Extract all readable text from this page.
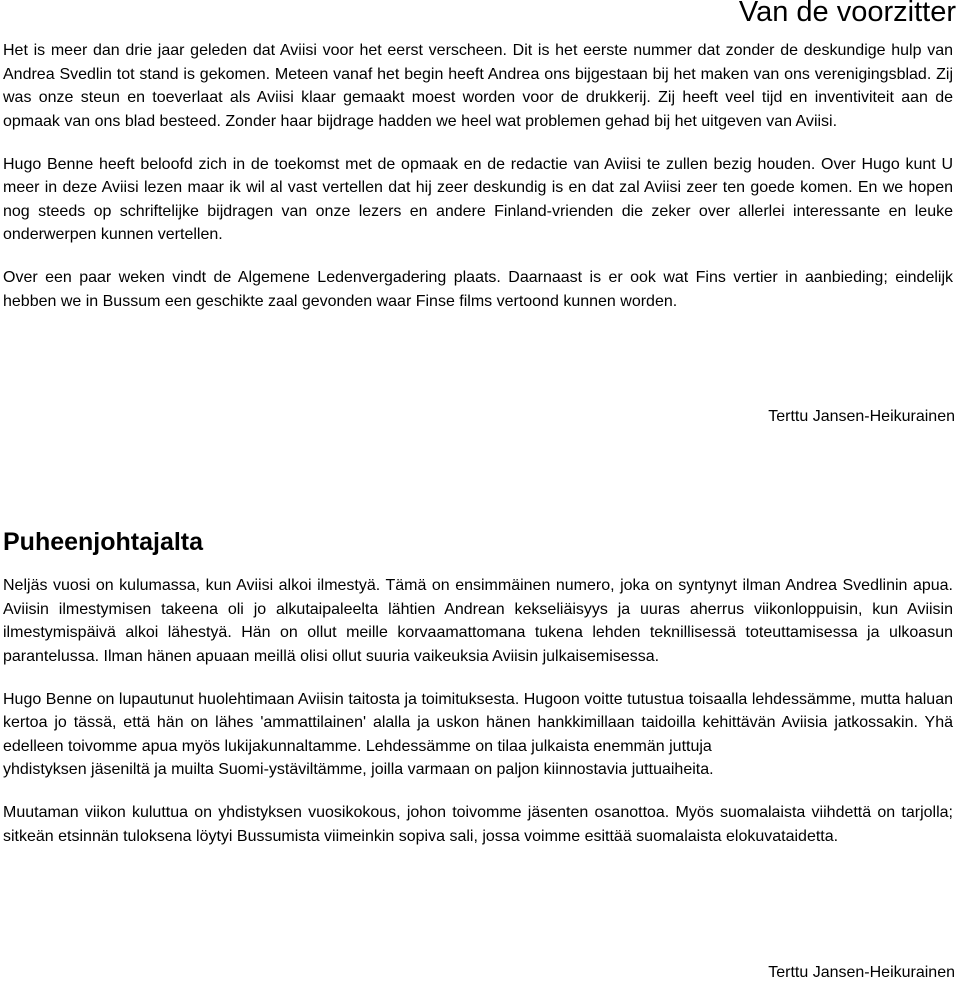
Van de voorzitter

Het is meer dan drie jaar geleden dat Aviisi voor het eerst verscheen. Dit is het eerste nummer dat zonder de deskundige hulp van Andrea Svedlin tot stand is gekomen. Meteen vanaf het begin heeft Andrea ons bijgestaan bij het maken van ons verenigingsblad. Zij was onze steun en toeverlaat als Aviisi klaar gemaakt moest worden voor de drukkerij. Zij heeft veel tijd en inventiviteit aan de opmaak van ons blad besteed. Zonder haar bijdrage hadden we heel wat problemen gehad bij het uitgeven van Aviisi.

Hugo Benne heeft beloofd zich in de toekomst met de opmaak en de redactie van Aviisi te zullen bezig houden. Over Hugo kunt U meer in deze Aviisi lezen maar ik wil al vast vertellen dat hij zeer deskundig is en dat zal Aviisi zeer ten goede komen. En we hopen nog steeds op schriftelijke bijdragen van onze lezers en andere Finland-vrienden die zeker over allerlei interessante en leuke onderwerpen kunnen vertellen.

Over een paar weken vindt de Algemene Ledenvergadering plaats. Daarnaast is er ook wat Fins vertier in aanbieding; eindelijk hebben we in Bussum een geschikte zaal gevonden waar Finse films vertoond kunnen worden.

Terttu Jansen-Heikurainen
Puheenjohtajalta

Neljäs vuosi on kulumassa, kun Aviisi alkoi ilmestyä. Tämä on ensimmäinen numero, joka on syntynyt ilman Andrea Svedlinin apua. Aviisin ilmestymisen takeena oli jo alkutaipaleelta lähtien Andrean kekseliäisyys ja uuras aherrus viikonloppuisin, kun Aviisin ilmestymispäivä alkoi lähestyä. Hän on ollut meille korvaamattomana tukena lehden teknillisessä toteuttamisessa ja ulkoasun parantelussa. Ilman hänen apuaan meillä olisi ollut suuria vaikeuksia Aviisin julkaisemisessa.

Hugo Benne on lupautunut huolehtimaan Aviisin taitosta ja toimituksesta. Hugoon voitte tutustua toisaalla lehdessämme, mutta haluan kertoa jo tässä, että hän on lähes 'ammattilainen' alalla ja uskon hänen hankkimillaan taidoilla kehittävän Aviisia jatkossakin. Yhä edelleen toivomme apua myös lukijakunnaltamme. Lehdessämme on tilaa julkaista enemmän juttuja

yhdistyksen jäseniltä ja muilta Suomi-ystäviltämme, joilla varmaan on paljon kiinnostavia juttuaiheita.

Muutaman viikon kuluttua on yhdistyksen vuosikokous, johon toivomme jäsenten osanottoa. Myös suomalaista viihdettä on tarjolla; sitkeän etsinnän tuloksena löytyi Bussumista viimeinkin sopiva sali, jossa voimme esittää suomalaista elokuvataidetta.

Terttu Jansen-Heikurainen
